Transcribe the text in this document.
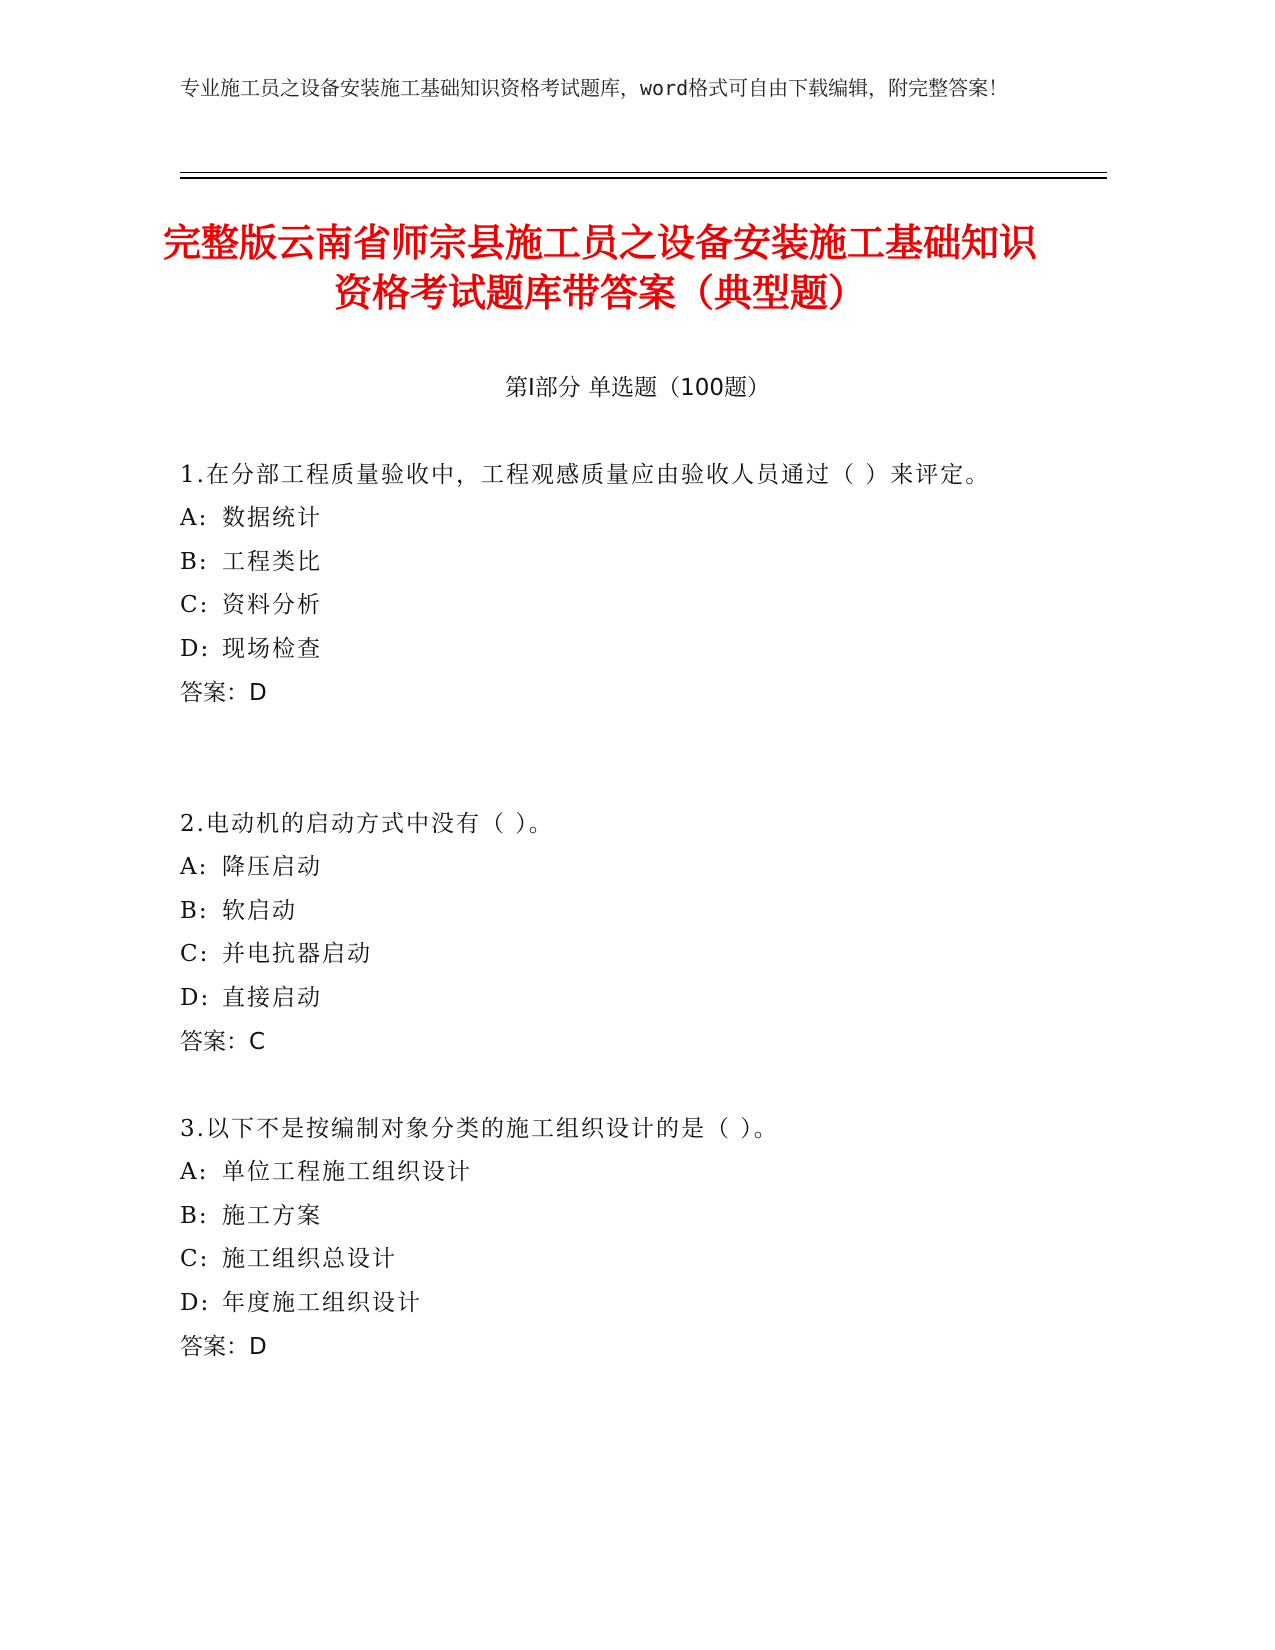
专业施工员之设备安装施工基础知识资格考试题库，word格式可自由下载编辑，附完整答案！
完整版云南省师宗县施工员之设备安装施工基础知识资格考试题库带答案（典型题）
第I部分 单选题（100题）
1.在分部工程质量验收中，工程观感质量应由验收人员通过（ ）来评定。
A: 数据统计
B: 工程类比
C: 资料分析
D: 现场检查
答案：D
2.电动机的启动方式中没有（ ）。
A: 降压启动
B: 软启动
C: 并电抗器启动
D: 直接启动
答案：C
3.以下不是按编制对象分类的施工组织设计的是（ ）。
A: 单位工程施工组织设计
B: 施工方案
C: 施工组织总设计
D: 年度施工组织设计
答案：D
